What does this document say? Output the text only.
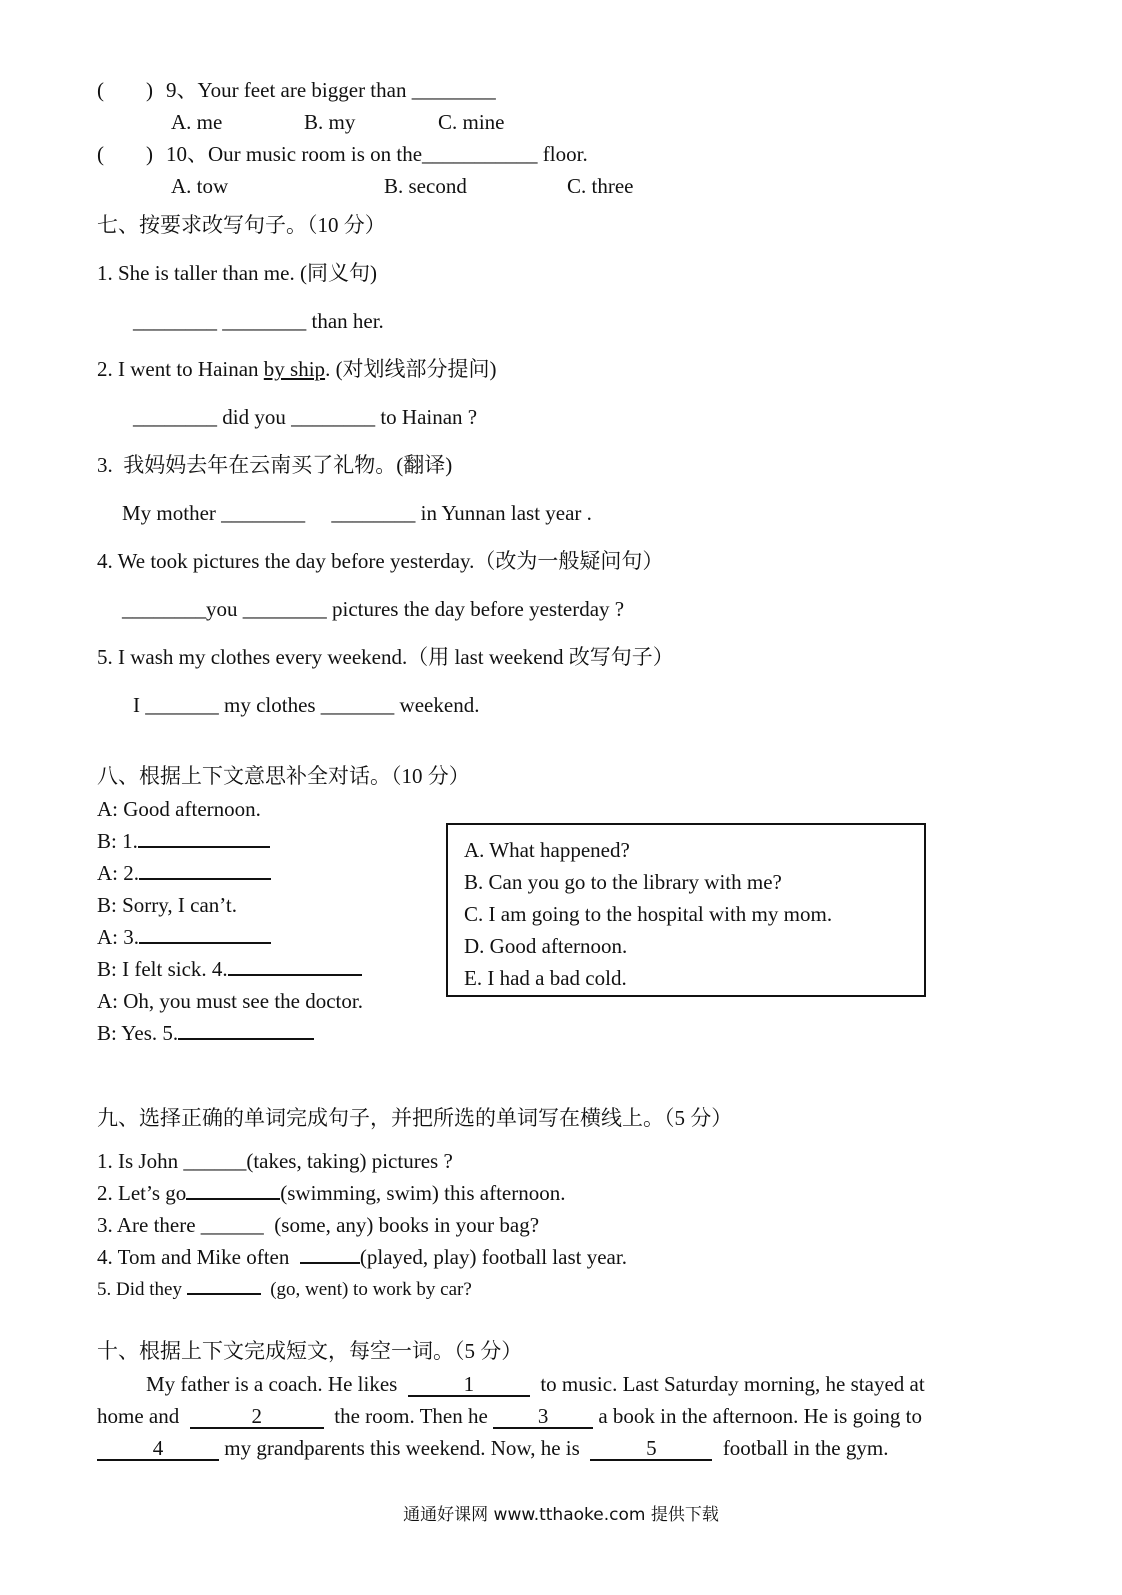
(        ) 9、Your feet are bigger than ________
A. me	B. my	C. mine
(        ) 10、Our music room is on the___________ floor.
A. tow	B. second	C. three
七、按要求改写句子。（10 分）
1. She is taller than me. (同义句)
________ ________ than her.
2. I went to Hainan by ship. (对划线部分提问)
________ did you ________ to Hainan ?
3.  我妈妈去年在云南买了礼物。(翻译)
My mother ________     ________ in Yunnan last year .
4. We took pictures the day before yesterday.（改为一般疑问句）
________you ________ pictures the day before yesterday ?
5. I wash my clothes every weekend.（用 last weekend 改写句子）
I _______ my clothes _______ weekend.
八、根据上下文意思补全对话。（10 分）
A: Good afternoon.
B: 1.
A: 2.
B: Sorry, I can’t.
A: 3.
B: I felt sick. 4.
A: Oh, you must see the doctor.
B: Yes. 5.
A. What happened?
B. Can you go to the library with me?
C. I am going to the hospital with my mom.
D. Good afternoon.
E. I had a bad cold.
九、选择正确的单词完成句子，并把所选的单词写在横线上。（5 分）
1. Is John ______(takes, taking) pictures ?
2. Let’s go	(swimming, swim) this afternoon.
3. Are there ______  (some, any) books in your bag?
4. Tom and Mike often	(played, play) football last year.
5. Did they	(go, went) to work by car?
十、根据上下文完成短文，每空一词。（5 分）
My father is a coach. He likes	1	to music. Last Saturday morning, he stayed at
home and	2	the room. Then he 3 a book in the afternoon. He is going to
4	my grandparents this weekend. Now, he is	5	football in the gym.
通通好课网 www.tthaoke.com 提供下载
